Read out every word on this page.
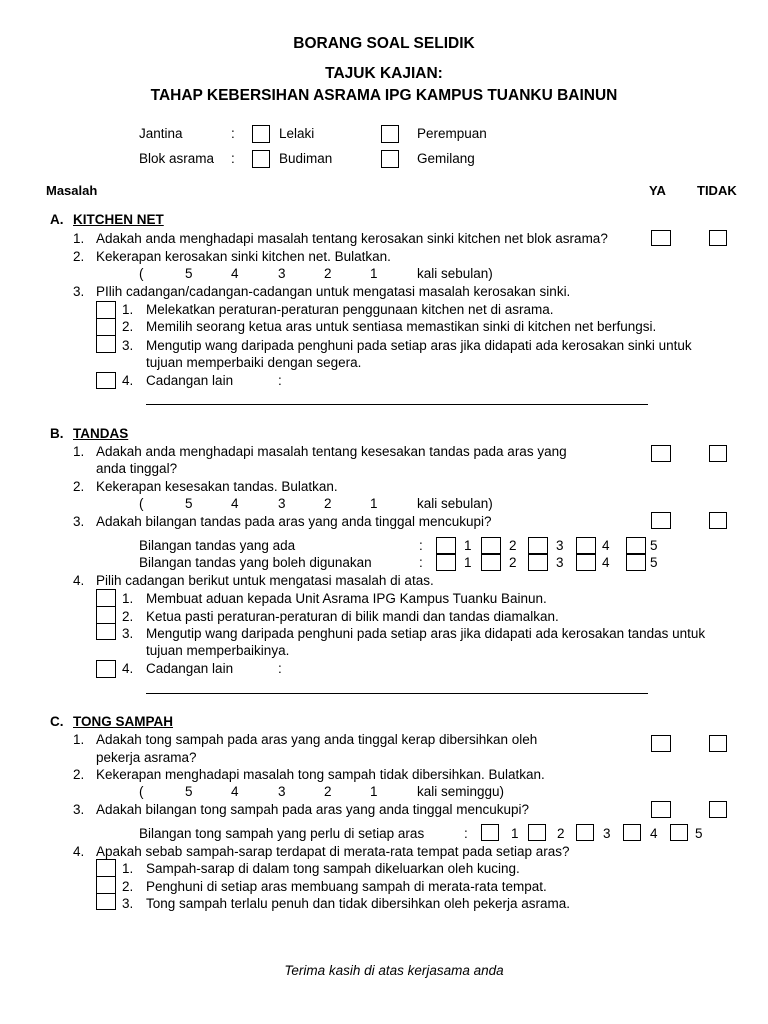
BORANG SOAL SELIDIK
TAJUK KAJIAN:
TAHAP KEBERSIHAN ASRAMA IPG KAMPUS TUANKU BAINUN
Jantina	:	Lelaki	Perempuan
Blok asrama :	Budiman	Gemilang
Masalah	YA TIDAK
A. KITCHEN NET
1. Adakah anda menghadapi masalah tentang kerosakan sinki kitchen net blok asrama?
2. Kekerapan kerosakan sinki kitchen net. Bulatkan.
(	5	4	3	2	1	kali sebulan)
3. PIlih cadangan/cadangan-cadangan untuk mengatasi masalah kerosakan sinki.
1. Melekatkan peraturan-peraturan penggunaan kitchen net di asrama.
2. Memilih seorang ketua aras untuk sentiasa memastikan sinki di kitchen net berfungsi.
3. Mengutip wang daripada penghuni pada setiap aras jika didapati ada kerosakan sinki untuk
tujuan memperbaiki dengan segera.
4. Cadangan lain	:
B. TANDAS
1. Adakah anda menghadapi masalah tentang kesesakan tandas pada aras yang
anda tinggal?
2. Kekerapan kesesakan tandas. Bulatkan.
(	5	4	3	2	1	kali sebulan)
3. Adakah bilangan tandas pada aras yang anda tinggal mencukupi?
Bilangan tandas yang ada	:	1	2	3	4	5
Bilangan tandas yang boleh digunakan	:	1	2	3	4	5
4. Pilih cadangan berikut untuk mengatasi masalah di atas.
1. Membuat aduan kepada Unit Asrama IPG Kampus Tuanku Bainun.
2. Ketua pasti peraturan-peraturan di bilik mandi dan tandas diamalkan.
3. Mengutip wang daripada penghuni pada setiap aras jika didapati ada kerosakan tandas untuk
tujuan memperbaikinya.
4. Cadangan lain	:
C. TONG SAMPAH
1. Adakah tong sampah pada aras yang anda tinggal kerap dibersihkan oleh
pekerja asrama?
2. Kekerapan menghadapi masalah tong sampah tidak dibersihkan. Bulatkan.
(	5	4	3	2	1	kali seminggu)
3. Adakah bilangan tong sampah pada aras yang anda tinggal mencukupi?
Bilangan tong sampah yang perlu di setiap aras	:	1	2	3	4	5
4. Apakah sebab sampah-sarap terdapat di merata-rata tempat pada setiap aras?
1. Sampah-sarap di dalam tong sampah dikeluarkan oleh kucing.
2. Penghuni di setiap aras membuang sampah di merata-rata tempat.
3. Tong sampah terlalu penuh dan tidak dibersihkan oleh pekerja asrama.
Terima kasih di atas kerjasama anda
